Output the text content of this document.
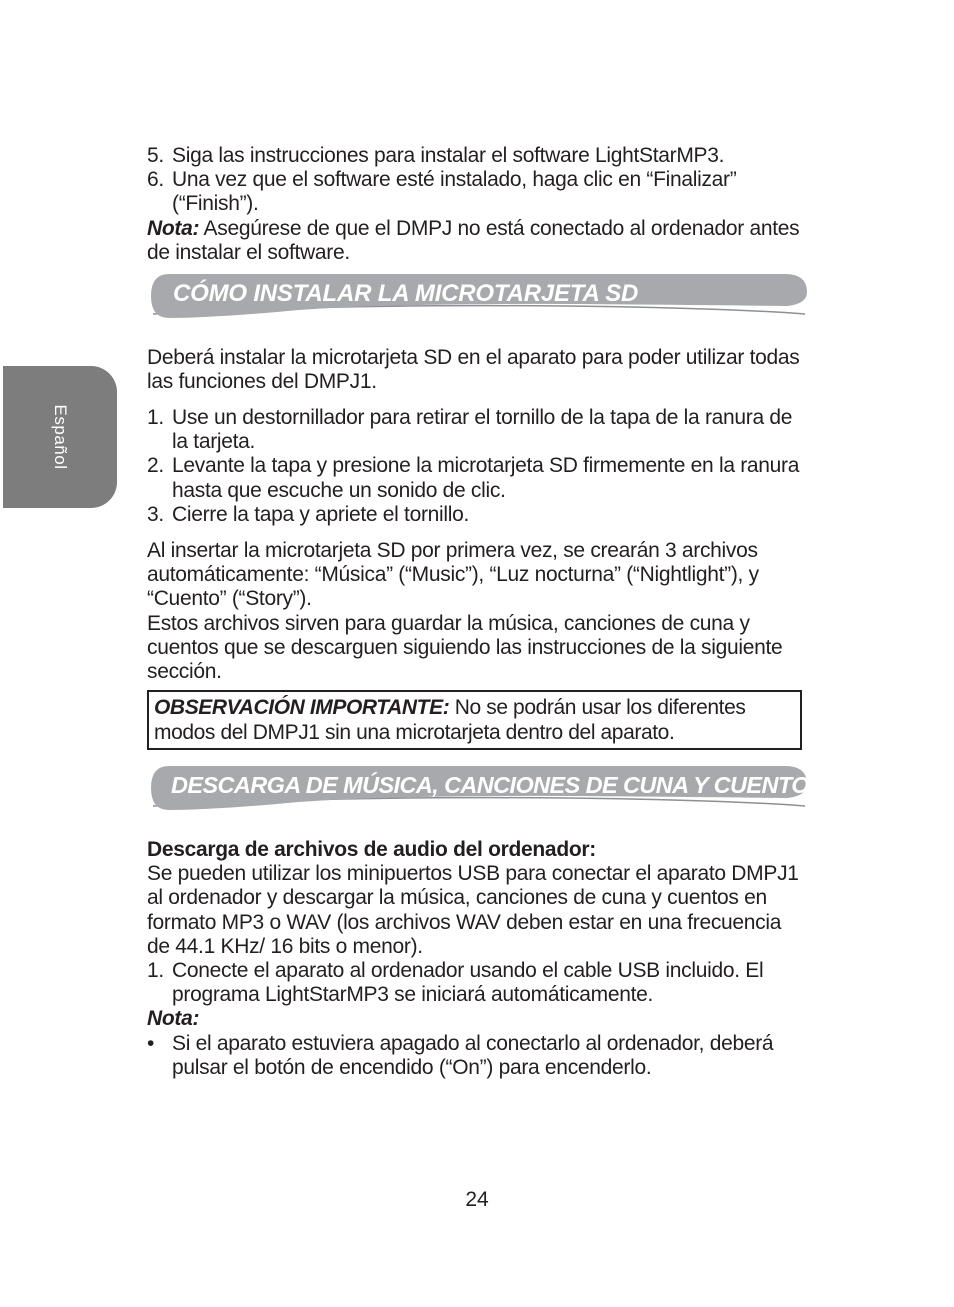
Español
5. Siga las instrucciones para instalar el software LightStarMP3.
6. Una vez que el software esté instalado, haga clic en “Finalizar” (“Finish”).

Nota: Asegúrese de que el DMPJ no está conectado al ordenador antes de instalar el software.

CÓMO INSTALAR LA MICROTARJETA SD

Deberá instalar la microtarjeta SD en el aparato para poder utilizar todas las funciones del DMPJ1.

1. Use un destornillador para retirar el tornillo de la tapa de la ranura de la tarjeta.
2. Levante la tapa y presione la microtarjeta SD firmemente en la ranura hasta que escuche un sonido de clic.
3. Cierre la tapa y apriete el tornillo.

Al insertar la microtarjeta SD por primera vez, se crearán 3 archivos automáticamente: “Música” (“Music”), “Luz nocturna” (“Nightlight”), y “Cuento” (“Story”).

Estos archivos sirven para guardar la música, canciones de cuna y cuentos que se descarguen siguiendo las instrucciones de la siguiente sección.

OBSERVACIÓN IMPORTANTE: No se podrán usar los diferentes modos del DMPJ1 sin una microtarjeta dentro del aparato.
DESCARGA DE MÚSICA, CANCIONES DE CUNA Y CUENTOS

Descarga de archivos de audio del ordenador:

Se pueden utilizar los minipuertos USB para conectar el aparato DMPJ1 al ordenador y descargar la música, canciones de cuna y cuentos en formato MP3 o WAV (los archivos WAV deben estar en una frecuencia de 44.1 KHz/ 16 bits o menor).

1. Conecte el aparato al ordenador usando el cable USB incluido. El programa LightStarMP3 se iniciará automáticamente.

Nota:

• Si el aparato estuviera apagado al conectarlo al ordenador, deberá pulsar el botón de encendido (“On”) para encenderlo.
24
